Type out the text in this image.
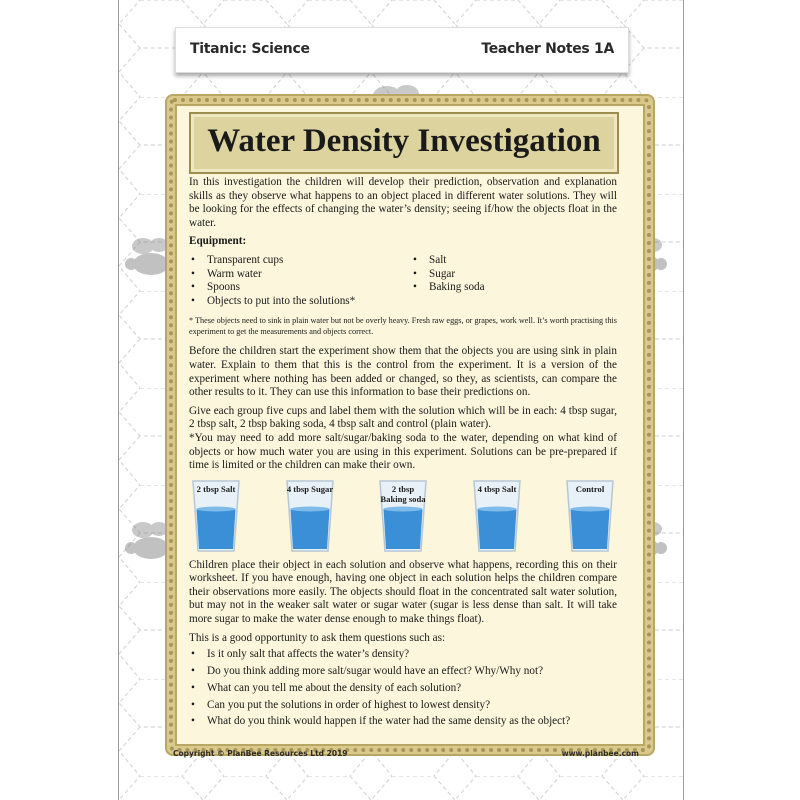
Titanic: Science	Teacher Notes 1A
Water Density Investigation

In this investigation the children will develop their prediction, observation and explanation skills as they observe what happens to an object placed in different water solutions. They will be looking for the effects of changing the water’s density; seeing if/how the objects float in the water.

Equipment:

• Transparent cups
• Warm water
• Spoons
• Objects to put into the solutions*
• Salt
• Sugar
• Baking soda

* These objects need to sink in plain water but not be overly heavy. Fresh raw eggs, or grapes, work well. It’s worth practising this experiment to get the measurements and objects correct.

Before the children start the experiment show them that the objects you are using sink in plain water. Explain to them that this is the control from the experiment. It is a version of the experiment where nothing has been added or changed, so they, as scientists, can compare the other results to it. They can use this information to base their predictions on.

Give each group five cups and label them with the solution which will be in each: 4 tbsp sugar, 2 tbsp salt, 2 tbsp baking soda, 4 tbsp salt and control (plain water).

*You may need to add more salt/sugar/baking soda to the water, depending on what kind of objects or how much water you are using in this experiment. Solutions can be pre-prepared if time is limited or the children can make their own.

2 tbsp Salt	4 tbsp Sugar	2 tbsp Baking soda
4 tbsp Salt	Control

Children place their object in each solution and observe what happens, recording this on their worksheet. If you have enough, having one object in each solution helps the children compare their observations more easily. The objects should float in the concentrated salt water solution, but may not in the weaker salt water or sugar water (sugar is less dense than salt. It will take more sugar to make the water dense enough to make things float).

This is a good opportunity to ask them questions such as:

• Is it only salt that affects the water’s density?
• Do you think adding more salt/sugar would have an effect? Why/Why not?
• What can you tell me about the density of each solution?
• Can you put the solutions in order of highest to lowest density?
• What do you think would happen if the water had the same density as the object?
Copyright © PlanBee Resources Ltd 2019	www.planbee.com
